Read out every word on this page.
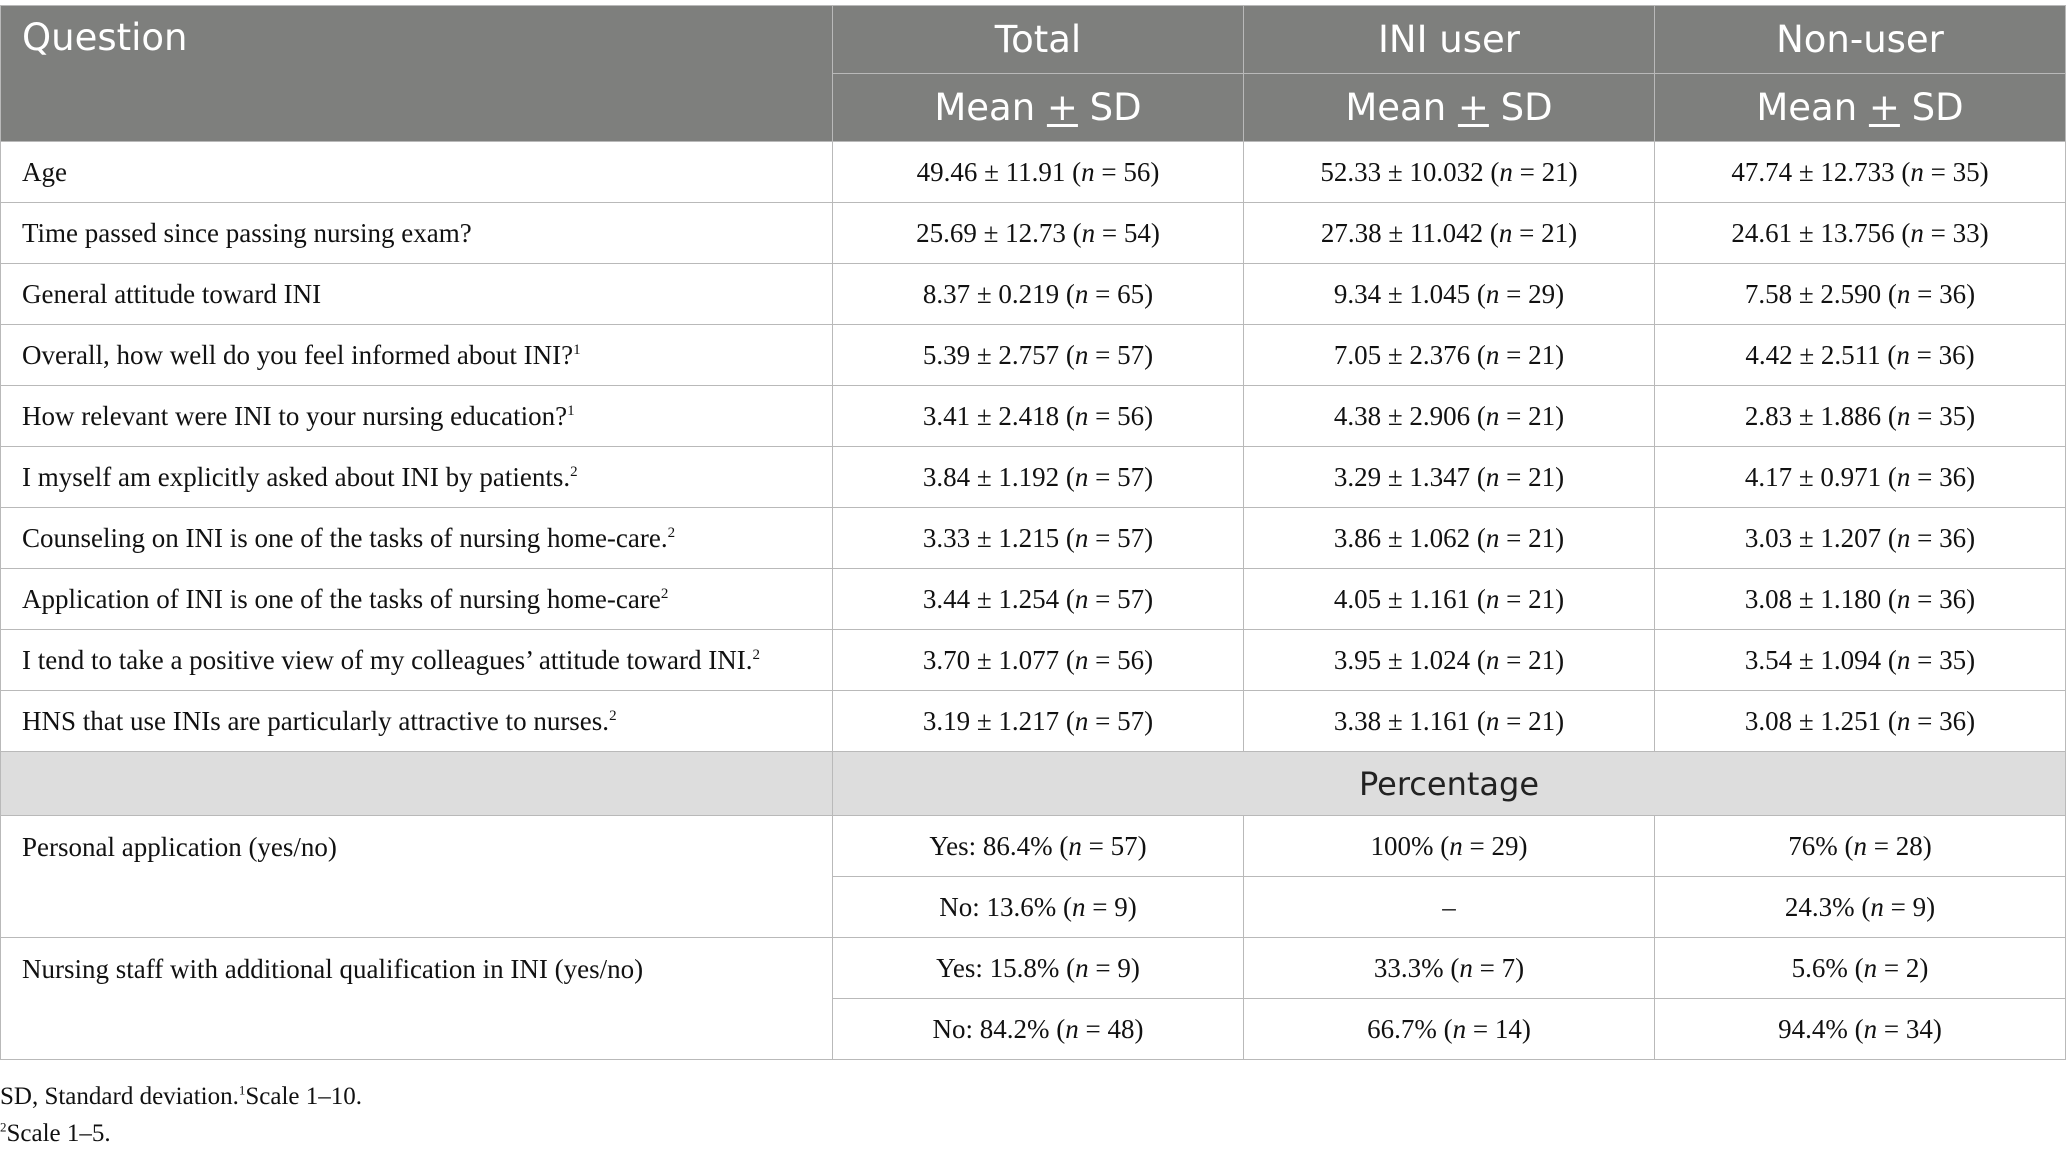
Question	Total	INI user	Non-user
	Mean + SD	Mean + SD	Mean + SD
Age	49.46 ± 11.91 (n = 56)	52.33 ± 10.032 (n = 21)	47.74 ± 12.733 (n = 35)
Time passed since passing nursing exam?	25.69 ± 12.73 (n = 54)	27.38 ± 11.042 (n = 21)	24.61 ± 13.756 (n = 33)
General attitude toward INI	8.37 ± 0.219 (n = 65)	9.34 ± 1.045 (n = 29)	7.58 ± 2.590 (n = 36)
Overall, how well do you feel informed about INI?$^1$	5.39 ± 2.757 (n = 57)	7.05 ± 2.376 (n = 21)	4.42 ± 2.511 (n = 36)
How relevant were INI to your nursing education?$^1$	3.41 ± 2.418 (n = 56)	4.38 ± 2.906 (n = 21)	2.83 ± 1.886 (n = 35)
I myself am explicitly asked about INI by patients.$^2$	3.84 ± 1.192 (n = 57)	3.29 ± 1.347 (n = 21)	4.17 ± 0.971 (n = 36)
Counseling on INI is one of the tasks of nursing home-care.$^2$	3.33 ± 1.215 (n = 57)	3.86 ± 1.062 (n = 21)	3.03 ± 1.207 (n = 36)
Application of INI is one of the tasks of nursing home-care$^2$	3.44 ± 1.254 (n = 57)	4.05 ± 1.161 (n = 21)	3.08 ± 1.180 (n = 36)
I tend to take a positive view of my colleagues’ attitude toward INI.$^2$	3.70 ± 1.077 (n = 56)	3.95 ± 1.024 (n = 21)	3.54 ± 1.094 (n = 35)
HNS that use INIs are particularly attractive to nurses.$^2$	3.19 ± 1.217 (n = 57)	3.38 ± 1.161 (n = 21)	3.08 ± 1.251 (n = 36)
	Percentage		
Personal application (yes/no)	Yes: 86.4% (n = 57)	100% (n = 29)	76% (n = 28)
	No: 13.6% (n = 9)	–	24.3% (n = 9)
Nursing staff with additional qualification in INI (yes/no)	Yes: 15.8% (n = 9)	33.3% (n = 7)	5.6% (n = 2)
	No: 84.2% (n = 48)	66.7% (n = 14)	94.4% (n = 34)
SD, Standard deviation.$^1$Scale 1–10.
$^2$Scale 1–5.
